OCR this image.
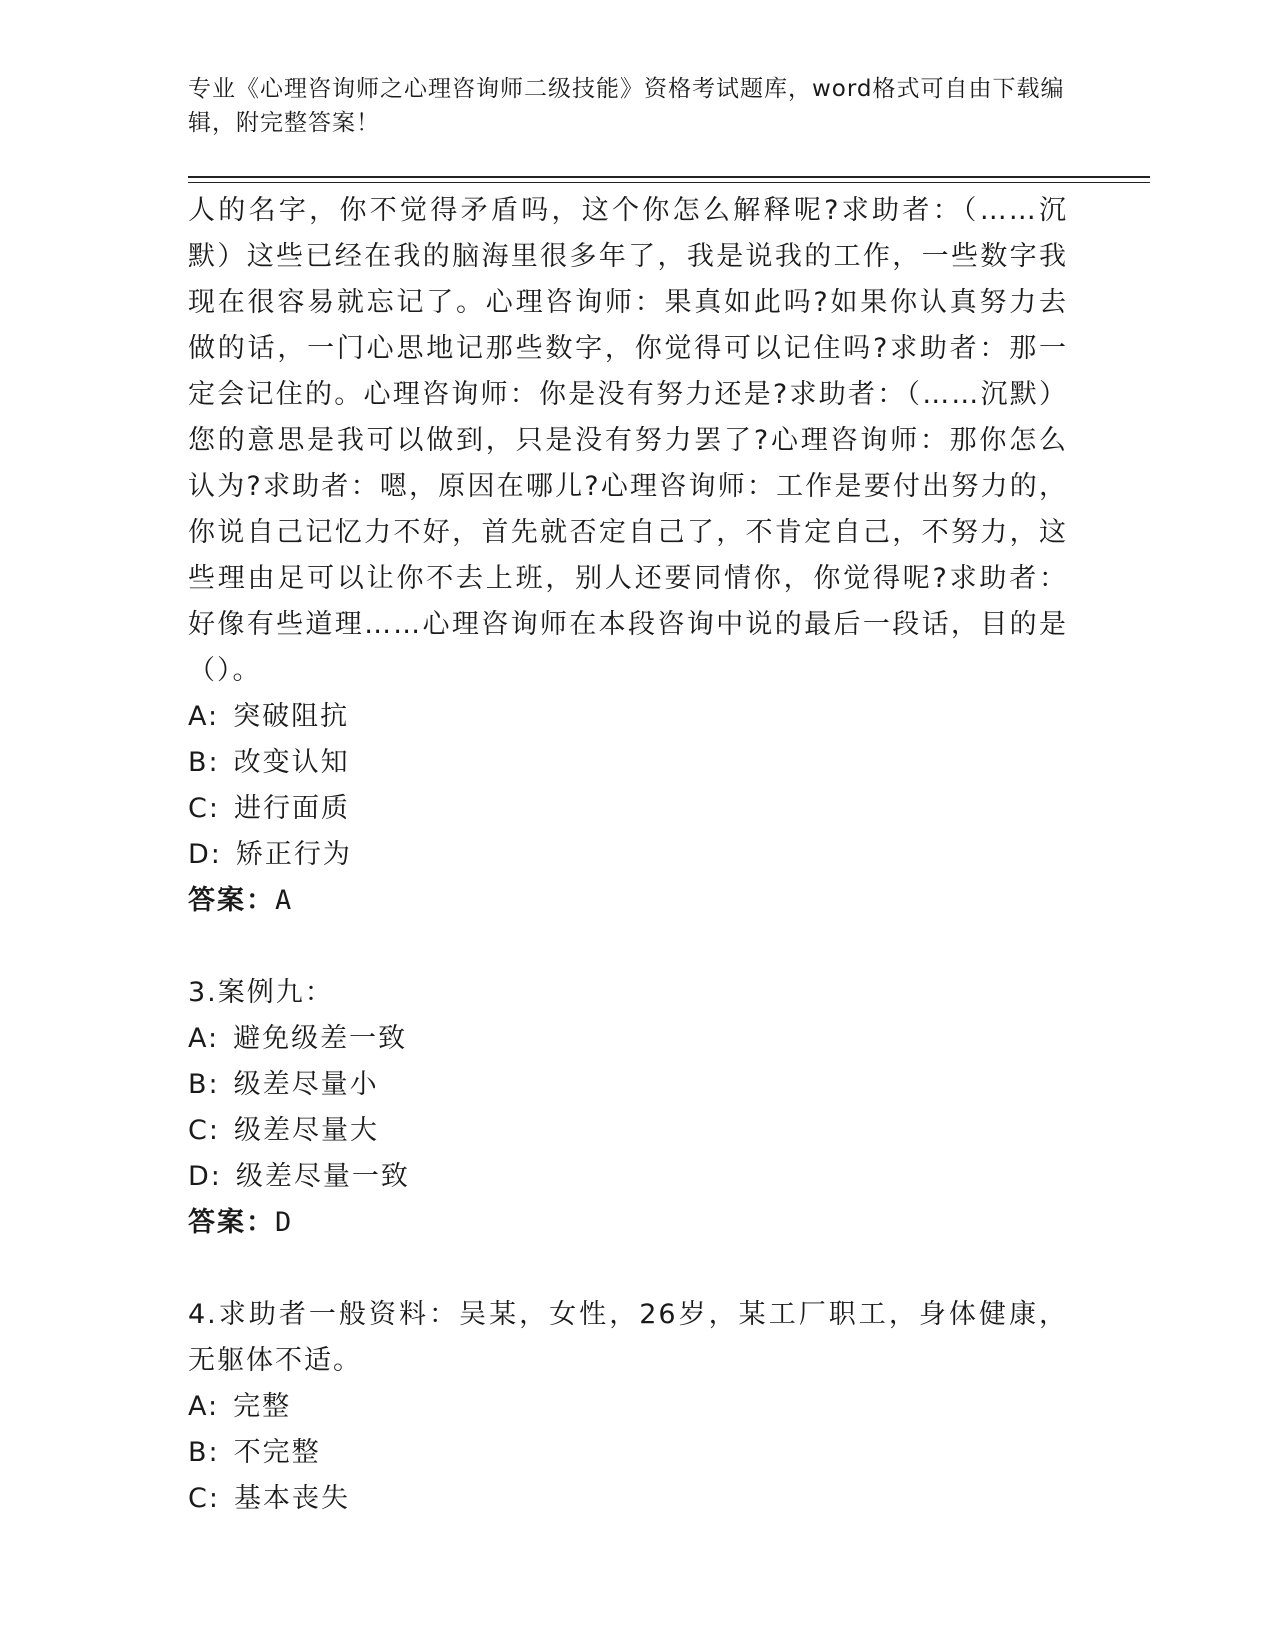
专业《心理咨询师之心理咨询师二级技能》资格考试题库，word格式可自由下载编辑，附完整答案！

人的名字，你不觉得矛盾吗，这个你怎么解释呢?求助者：（……沉默）这些已经在我的脑海里很多年了，我是说我的工作，一些数字我现在很容易就忘记了。心理咨询师：果真如此吗?如果你认真努力去做的话，一门心思地记那些数字，你觉得可以记住吗?求助者：那一定会记住的。心理咨询师：你是没有努力还是?求助者：（……沉默）您的意思是我可以做到，只是没有努力罢了?心理咨询师：那你怎么认为?求助者：嗯，原因在哪儿?心理咨询师：工作是要付出努力的，你说自己记忆力不好，首先就否定自己了，不肯定自己，不努力，这些理由足可以让你不去上班，别人还要同情你，你觉得呢?求助者：好像有些道理……心理咨询师在本段咨询中说的最后一段话，目的是（）。

A: 突破阻抗

B: 改变认知

C: 进行面质

D: 矫正行为

答案：A

3.案例九：

A: 避免级差一致

B: 级差尽量小

C: 级差尽量大

D: 级差尽量一致

答案：D

4.求助者一般资料：吴某，女性，26岁，某工厂职工，身体健康，无躯体不适。

A: 完整

B: 不完整

C: 基本丧失
